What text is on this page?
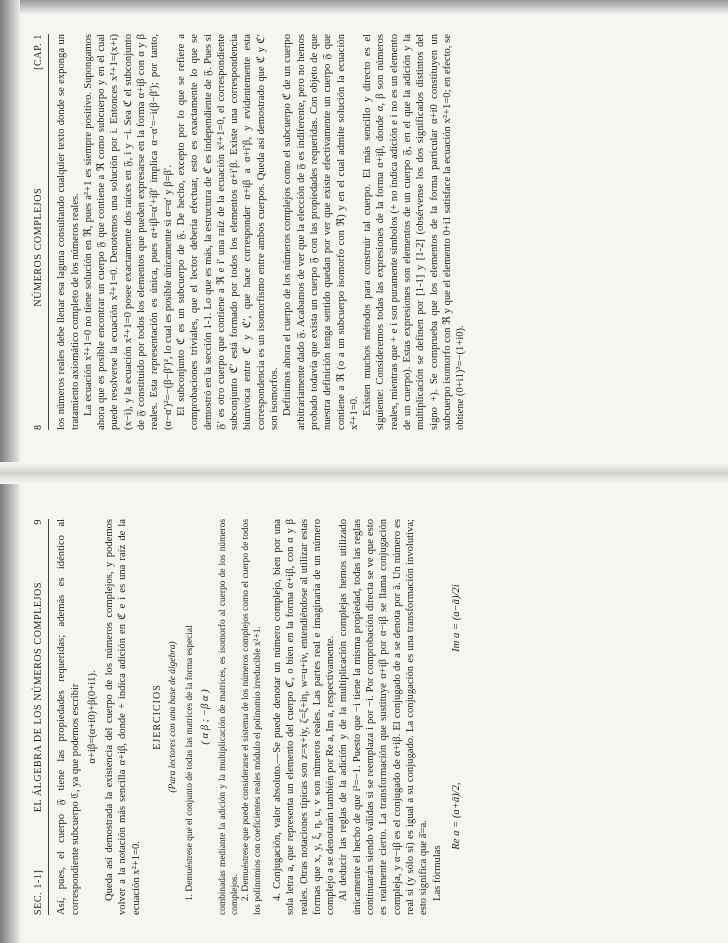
8
NÚMEROS COMPLEJOS
[CAP. 1 los números reales debe llenar esa laguna consultando cualquier texto donde se exponga un tratamiento axiomático completo de los números reales. La ecuación x²+1=0 no tiene solución en ℜ, pues a²+1 es siempre positivo. Supongamos ahora que es posible encontrar un cuerpo 𝔉 que contiene a ℜ como subcuerpo y en el cual puede resolverse la ecuación x²+1=0. Denotemos una solución por i. Entonces x²+1=(x+i)(x−i), y la ecuación x²+1=0 posee exactamente dos raíces en 𝔉, i y −i. Sea ℭ el subconjunto de 𝔉 constituido por todos los elementos que pueden expresarse en la forma α+iβ con α y β reales. Esta representación es única, pues α+iβ=α′+iβ′ implica α−α′=−i(β−β′); por tanto, (α−α′)²=−(β−β′)², lo cual es posible únicamente si α=α′ y β=β′. El subconjunto ℭ es un subcuerpo de 𝔉. De hecho, excepto por lo que se refiere a comprobaciones triviales, que el lector debería efectuar, esto es exactamente lo que se demostró en la sección 1-1. Lo que es más, la estructura de ℭ es independiente de 𝔉. Pues si 𝔉′ es otro cuerpo que contiene a ℜ e i′ una raíz de la ecuación x²+1=0, el correspondiente subconjunto ℭ′ está formado por todos los elementos α+i′β. Existe una correspondencia biunívoca entre ℭ y ℭ′, que hace corresponder α+iβ a α+i′β, y evidentemente esta correspondencia es un isomorfismo entre ambos cuerpos. Queda así demostrado que ℭ y ℭ′ son isomorfos. Definimos ahora el cuerpo de los números complejos como el subcuerpo ℭ de un cuerpo arbitrariamente dado 𝔉. Acabamos de ver que la elección de 𝔉 es indiferente, pero no hemos probado todavía que exista un cuerpo 𝔉 con las propiedades requeridas. Con objeto de que nuestra definición tenga sentido quedan por ver que existe efectivamente un cuerpo 𝔉 que contiene a ℜ (o a un subcuerpo isomorfo con ℜ) y en el cual admite solución la ecuación x²+1=0. Existen muchos métodos para construir tal cuerpo. El más sencillo y directo es el siguiente: Consideremos todas las expresiones de la forma α+iβ, donde α, β son números reales, mientras que + e i son puramente símbolos (+ no indica adición e i no es un elemento de un cuerpo). Estas expresiones son elementos de un cuerpo 𝔉, en el que la adición y la multiplicación se definen por [1-1] y [1-2] (obsérvense los dos significados distintos del signo +). Se comprueba que los elementos de la forma particular α+i0 constituyen un subcuerpo isomorfo con ℜ y que el elemento 0+i1 satisface la ecuación x²+1=0; en efecto, se obtiene (0+i1)²=−(1+i0).

SEC. 1-1]
EL ÁLGEBRA DE LOS NÚMEROS COMPLEJOS
9 Así, pues, el cuerpo 𝔉 tiene las propiedades requeridas; además es idéntico al correspondiente subcuerpo ℭ, ya que podemos escribir α+iβ=(α+i0)+β(0+i1). Queda así demostrada la existencia del cuerpo de los números complejos, y podemos volver a la notación más sencilla α+iβ, donde + indica adición en ℭ e i es una raíz de la ecuación x²+1=0.

EJERCICIOS (Para lectores con una base de álgebra) 1. Demuéstrese que el conjunto de todas las matrices de la forma especial ( α β ; −β α ) combinadas mediante la adición y la multiplicación de matrices, es isomorfo al cuerpo de los números complejos. 2. Demuéstrese que puede considerarse el sistema de los números complejos como el cuerpo de todos los polinomios con coeficientes reales módulo el polinomio irreducible x²+1. 4. Conjugación, valor absoluto.—Se puede denotar un número complejo, bien por una sola letra a, que representa un elemento del cuerpo ℭ, o bien en la forma α+iβ, con α y β reales. Otras notaciones típicas son z=x+iy, ζ=ξ+iη, w=u+iv, entendiéndose al utilizar estas formas que x, y, ξ, η, u, v son números reales. Las partes real e imaginaria de un número complejo a se denotarán también por Re a, Im a, respectivamente. Al deducir las reglas de la adición y de la multiplicación complejas hemos utilizado únicamente el hecho de que i²=−1. Puesto que −i tiene la misma propiedad, todas las reglas continuarán siendo válidas si se reemplaza i por −i. Por comprobación directa se ve que esto es realmente cierto. La transformación que sustituye α+iβ por α−iβ se llama conjugación compleja, y α−iβ es el conjugado de α+iβ. El conjugado de a se denota por ā. Un número es real si (y sólo si) es igual a su conjugado. La conjugación es una transformación involutiva; esto significa que ā̄=a. Las fórmulas

Re a = (a+ā)/2,
Im a = (a−ā)/2i
